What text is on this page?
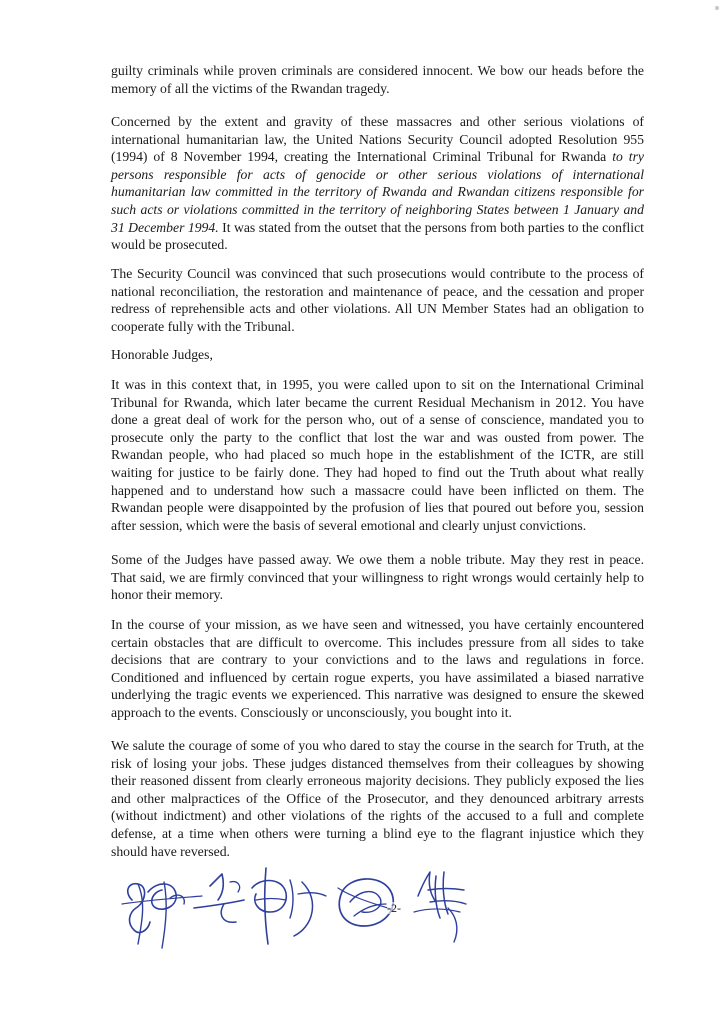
guilty criminals while proven criminals are considered innocent. We bow our heads before the memory of all the victims of the Rwandan tragedy.

Concerned by the extent and gravity of these massacres and other serious violations of international humanitarian law, the United Nations Security Council adopted Resolution 955 (1994) of 8 November 1994, creating the International Criminal Tribunal for Rwanda to try persons responsible for acts of genocide or other serious violations of international humanitarian law committed in the territory of Rwanda and Rwandan citizens responsible for such acts or violations committed in the territory of neighboring States between 1 January and 31 December 1994. It was stated from the outset that the persons from both parties to the conflict would be prosecuted.

The Security Council was convinced that such prosecutions would contribute to the process of national reconciliation, the restoration and maintenance of peace, and the cessation and proper redress of reprehensible acts and other violations. All UN Member States had an obligation to cooperate fully with the Tribunal.

Honorable Judges,

It was in this context that, in 1995, you were called upon to sit on the International Criminal Tribunal for Rwanda, which later became the current Residual Mechanism in 2012. You have done a great deal of work for the person who, out of a sense of conscience, mandated you to prosecute only the party to the conflict that lost the war and was ousted from power. The Rwandan people, who had placed so much hope in the establishment of the ICTR, are still waiting for justice to be fairly done. They had hoped to find out the Truth about what really happened and to understand how such a massacre could have been inflicted on them. The Rwandan people were disappointed by the profusion of lies that poured out before you, session after session, which were the basis of several emotional and clearly unjust convictions.

Some of the Judges have passed away. We owe them a noble tribute. May they rest in peace. That said, we are firmly convinced that your willingness to right wrongs would certainly help to honor their memory.

In the course of your mission, as we have seen and witnessed, you have certainly encountered certain obstacles that are difficult to overcome. This includes pressure from all sides to take decisions that are contrary to your convictions and to the laws and regulations in force. Conditioned and influenced by certain rogue experts, you have assimilated a biased narrative underlying the tragic events we experienced. This narrative was designed to ensure the skewed approach to the events. Consciously or unconsciously, you bought into it.

We salute the courage of some of you who dared to stay the course in the search for Truth, at the risk of losing your jobs. These judges distanced themselves from their colleagues by showing their reasoned dissent from clearly erroneous majority decisions. They publicly exposed the lies and other malpractices of the Office of the Prosecutor, and they denounced arbitrary arrests (without indictment) and other violations of the rights of the accused to a full and complete defense, at a time when others were turning a blind eye to the flagrant injustice which they should have reversed.

-2-
